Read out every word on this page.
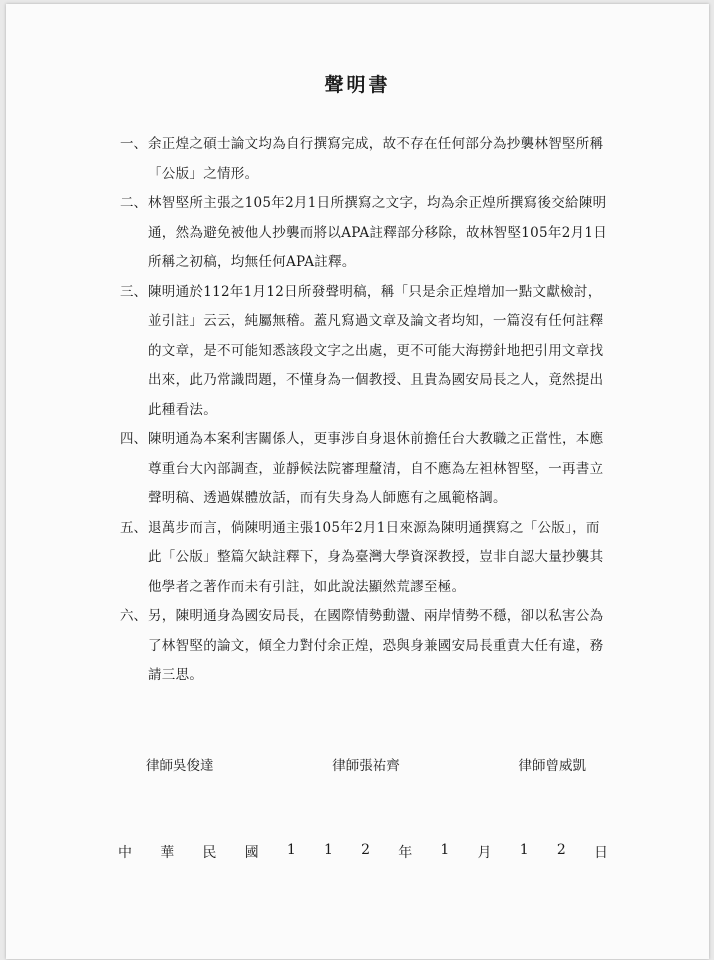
聲明書
一、 余正煌之碩士論文均為自行撰寫完成，故不存在任何部分為抄襲林智堅所稱「公版」之情形。
二、 林智堅所主張之105年2月1日所撰寫之文字，均為余正煌所撰寫後交給陳明通，然為避免被他人抄襲而將以APA註釋部分移除，故林智堅105年2月1日所稱之初稿，均無任何APA註釋。
三、 陳明通於112年1月12日所發聲明稿，稱「只是余正煌增加一點文獻檢討，並引註」云云，純屬無稽。蓋凡寫過文章及論文者均知，一篇沒有任何註釋的文章，是不可能知悉該段文字之出處，更不可能大海撈針地把引用文章找出來，此乃常識問題，不懂身為一個教授、且貴為國安局長之人，竟然提出此種看法。
四、 陳明通為本案利害關係人，更事涉自身退休前擔任台大教職之正當性，本應尊重台大內部調查，並靜候法院審理釐清，自不應為左袒林智堅，一再書立聲明稿、透過媒體放話，而有失身為人師應有之風範格調。
五、 退萬步而言，倘陳明通主張105年2月1日來源為陳明通撰寫之「公版」，而此「公版」整篇欠缺註釋下，身為臺灣大學資深教授，豈非自認大量抄襲其他學者之著作而未有引註，如此說法顯然荒謬至極。
六、 另，陳明通身為國安局長，在國際情勢動盪、兩岸情勢不穩，卻以私害公為了林智堅的論文，傾全力對付余正煌，恐與身兼國安局長重責大任有違，務請三思。
律師吳俊達	律師張祐齊	律師曾威凱
中 華 民 國 1 1 2 年 1 月 1 2 日
